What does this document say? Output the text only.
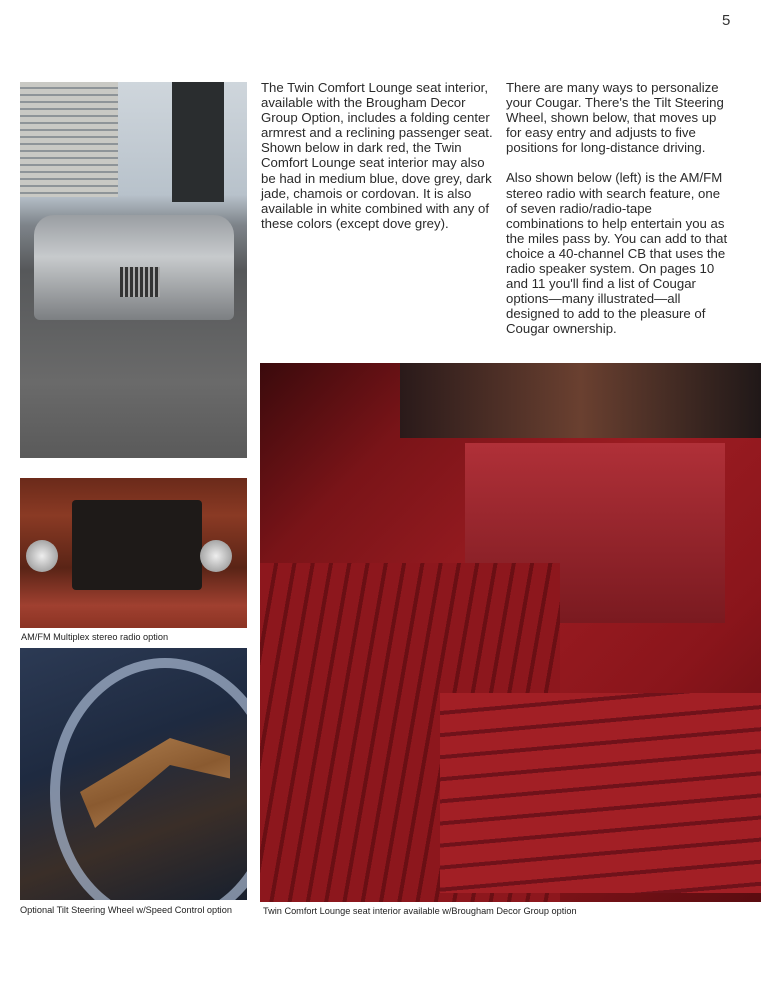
5

The Twin Comfort Lounge seat interior, available with the Brougham Decor Group Option, includes a folding center armrest and a reclining passenger seat. Shown below in dark red, the Twin Comfort Lounge seat interior may also be had in medium blue, dove grey, dark jade, chamois or cordovan. It is also available in white combined with any of these colors (except dove grey).

There are many ways to personalize your Cougar. There's the Tilt Steering Wheel, shown below, that moves up for easy entry and adjusts to five positions for long-distance driving.

Also shown below (left) is the AM/FM stereo radio with search feature, one of seven radio/radio-tape combinations to help entertain you as the miles pass by. You can add to that choice a 40-channel CB that uses the radio speaker system. On pages 10 and 11 you'll find a list of Cougar options—many illustrated—all designed to add to the pleasure of Cougar ownership.

AM/FM Multiplex stereo radio option
Optional Tilt Steering Wheel w/Speed Control option	Twin Comfort Lounge seat interior available w/Brougham Decor Group option
